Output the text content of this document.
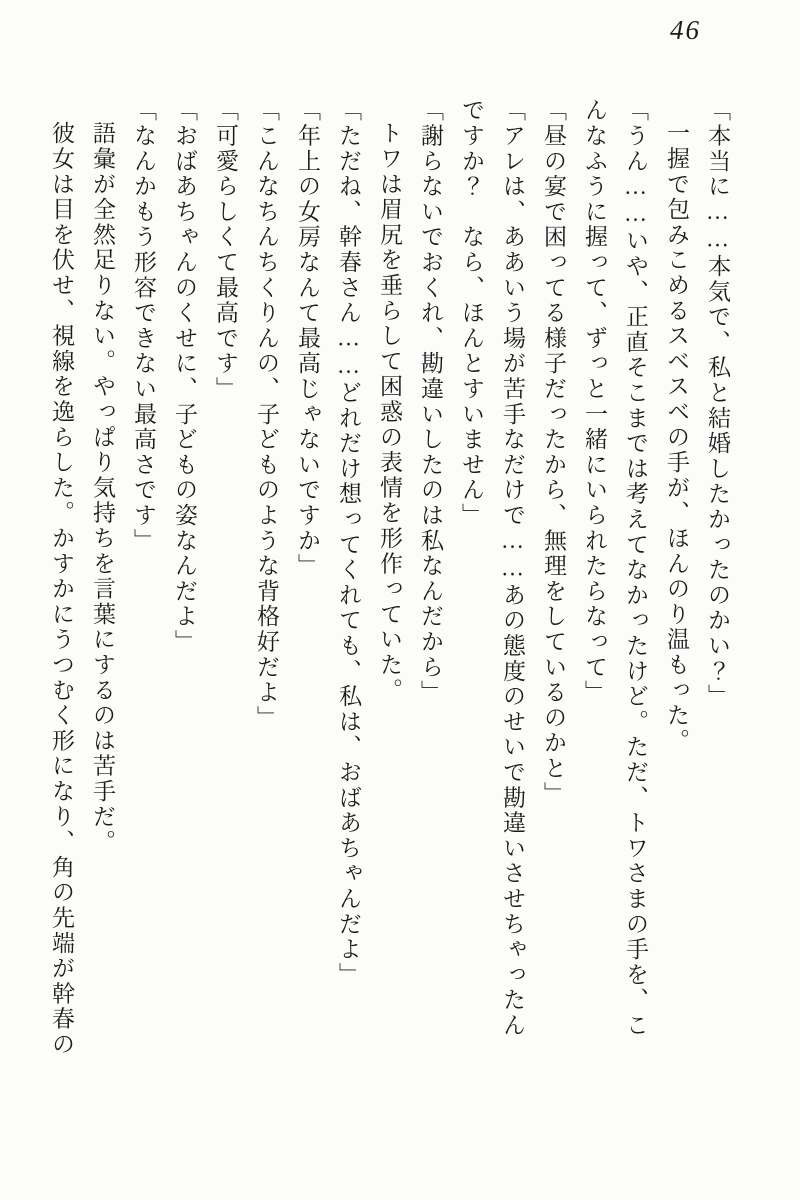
46

「本当に……本気で、私と結婚したかったのかい？」

一握で包みこめるスベスベの手が、ほんのり温もった。

「うん……いや、正直そこまでは考えてなかったけど。ただ、トワさまの手を、こんなふうに握って、ずっと一緒にいられたらなって」

「昼の宴で困ってる様子だったから、無理をしているのかと」

「アレは、ああいう場が苦手なだけで……あの態度のせいで勘違いさせちゃったんですか？　なら、ほんとすいません」

「謝らないでおくれ、勘違いしたのは私なんだから」

トワは眉尻を垂らして困惑の表情を形作っていた。

「ただね、幹春さん……どれだけ想ってくれても、私は、おばあちゃんだよ」

「年上の女房なんて最高じゃないですか」

「こんなちんちくりんの、子どものような背格好だよ」

「可愛らしくて最高です」

「おばあちゃんのくせに、子どもの姿なんだよ」

「なんかもう形容できない最高さです」

語彙が全然足りない。やっぱり気持ちを言葉にするのは苦手だ。

彼女は目を伏せ、視線を逸らした。かすかにうつむく形になり、角の先端が幹春の
